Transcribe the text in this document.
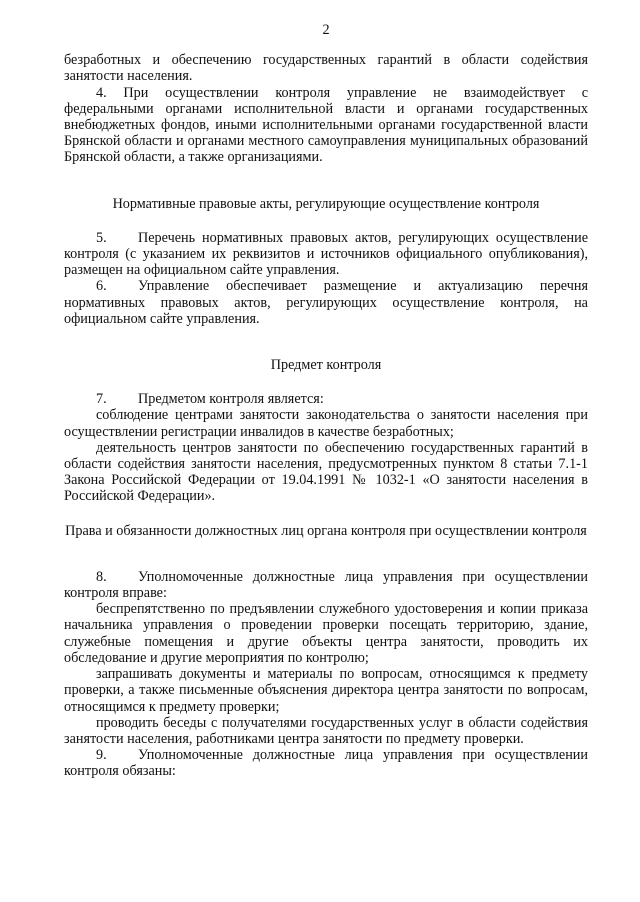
2

безработных и обеспечению государственных гарантий в области содействия занятости населения.

4. При осуществлении контроля управление не взаимодействует с федеральными органами исполнительной власти и органами государственных внебюджетных фондов, иными исполнительными органами государственной власти Брянской области и органами местного самоуправления муниципальных образований Брянской области, а также организациями.

Нормативные правовые акты, регулирующие осуществление контроля

5. Перечень нормативных правовых актов, регулирующих осуществление контроля (с указанием их реквизитов и источников официального опубликования), размещен на официальном сайте управления.

6. Управление обеспечивает размещение и актуализацию перечня нормативных правовых актов, регулирующих осуществление контроля, на официальном сайте управления.

Предмет контроля

7. Предметом контроля является:

соблюдение центрами занятости законодательства о занятости населения при осуществлении регистрации инвалидов в качестве безработных;

деятельность центров занятости по обеспечению государственных гарантий в области содействия занятости населения, предусмотренных пунктом 8 статьи 7.1-1 Закона Российской Федерации от 19.04.1991 № 1032-1 «О занятости населения в Российской Федерации».

Права и обязанности должностных лиц органа контроля при осуществлении контроля

8. Уполномоченные должностные лица управления при осуществлении контроля вправе:

беспрепятственно по предъявлении служебного удостоверения и копии приказа начальника управления о проведении проверки посещать территорию, здание, служебные помещения и другие объекты центра занятости, проводить их обследование и другие мероприятия по контролю;

запрашивать документы и материалы по вопросам, относящимся к предмету проверки, а также письменные объяснения директора центра занятости по вопросам, относящимся к предмету проверки;

проводить беседы с получателями государственных услуг в области содействия занятости населения, работниками центра занятости по предмету проверки.

9. Уполномоченные должностные лица управления при осуществлении контроля обязаны:
